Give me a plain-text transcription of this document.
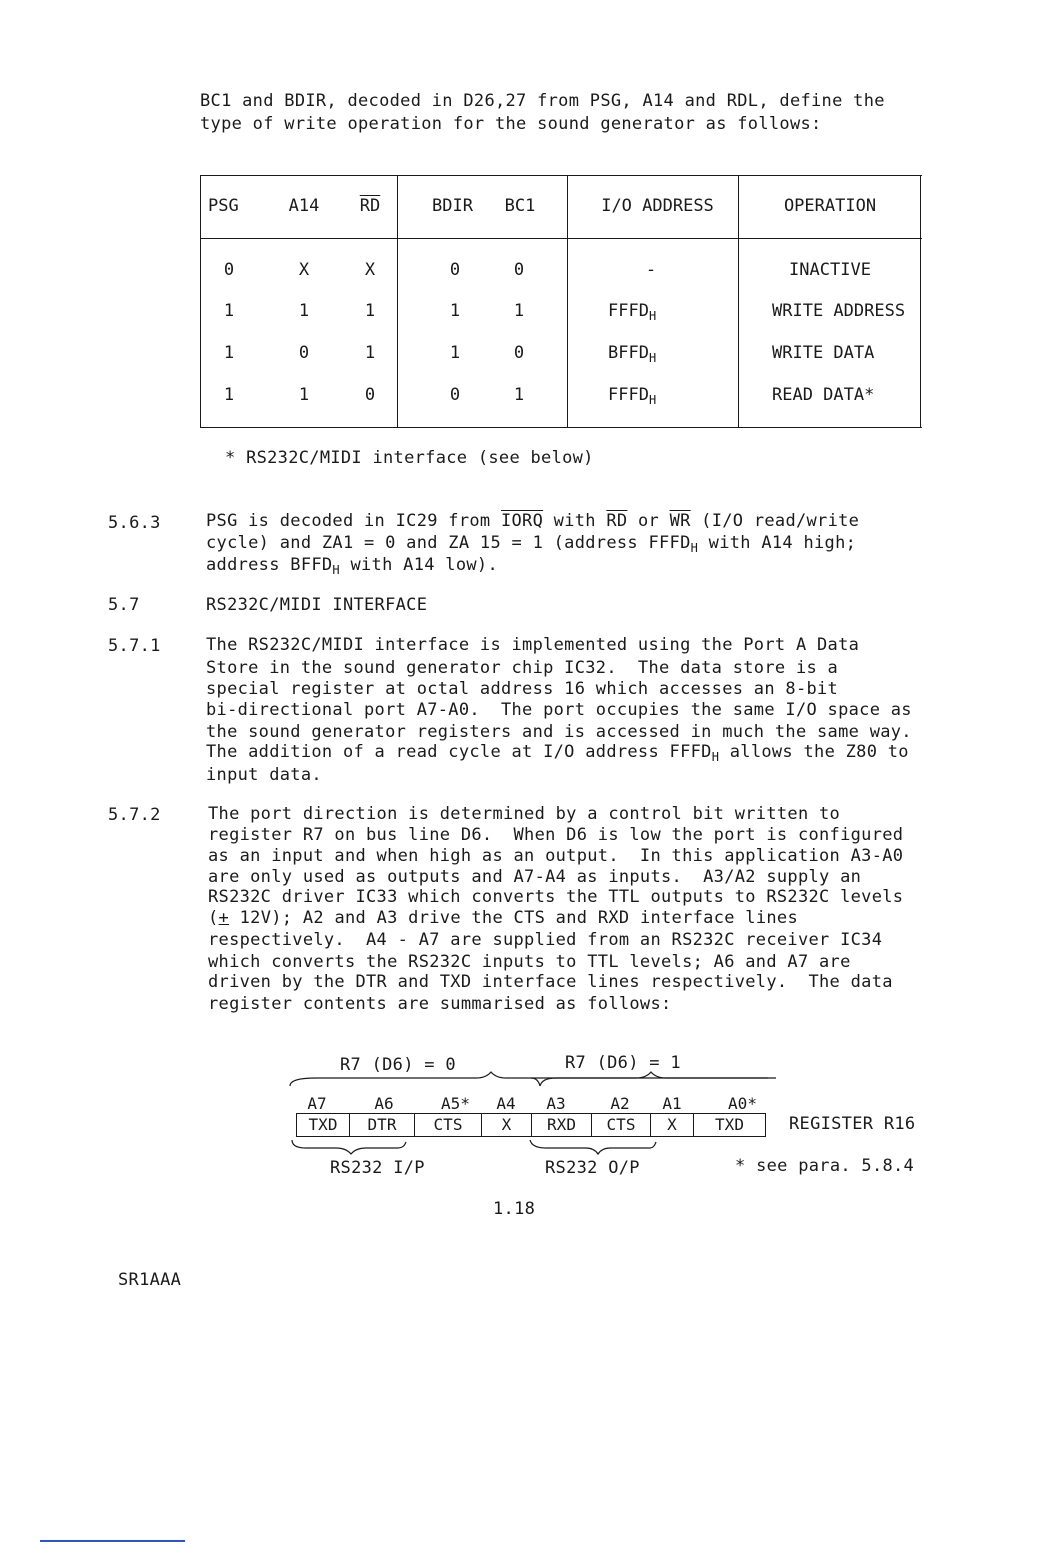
BC1 and BDIR, decoded in D26,27 from PSG, A14 and RDL, define the
type of write operation for the sound generator as follows:
PSG	A14	$\overline{RD}$	BDIR	BC1	I/O ADDRESS	OPERATION
0	X	X	0	0	-	INACTIVE
1	1	1	1	1	$FFFD_H$	WRITE ADDRESS
1	0	1	1	0	$BFFD_H$	WRITE DATA
1	1	0	0	1	$FFFD_H$	READ DATA*
* RS232C/MIDI interface (see below)
5.6.3	PSG is decoded in IC29 from IORQ with $\overline{RD}$ or $\overline{WR}$ (I/O read/write
cycle) and ZA1 = 0 and ZA 15 = 1 (address $FFFD_H$ with A14 high;
address $BFFD_H$ with A14 low).
5.7	RS232C/MIDI INTERFACE
5.7.1	The RS232C/MIDI interface is implemented using the Port A Data
Store in the sound generator chip IC32.  The data store is a
special register at octal address 16 which accesses an 8-bit
bi-directional port A7-A0.  The port occupies the same I/O space as
the sound generator registers and is accessed in much the same way.
The addition of a read cycle at I/O address $FFFD_H$ allows the Z80 to
input data.
5.7.2	The port direction is determined by a control bit written to
register R7 on bus line D6.  When D6 is low the port is configured
as an input and when high as an output.  In this application A3-A0
are only used as outputs and A7-A4 as inputs.  A3/A2 supply an
RS232C driver IC33 which converts the TTL outputs to RS232C levels
(+ 12V); A2 and A3 drive the CTS and RXD interface lines
respectively.  A4 - A7 are supplied from an RS232C receiver IC34
which converts the RS232C inputs to TTL levels; A6 and A7 are
driven by the DTR and TXD interface lines respectively.  The data
register contents are summarised as follows:
R7 (D6) = 0	R7 (D6) = 1
A7	A6	A5*	A4	A3	A2	A1	A0*
TXD	DTR	CTS	X	RXD	CTS	X	TXD	REGISTER R16
RS232 I/P	RS232 O/P	* see para. 5.8.4
1.18
SR1AAA
